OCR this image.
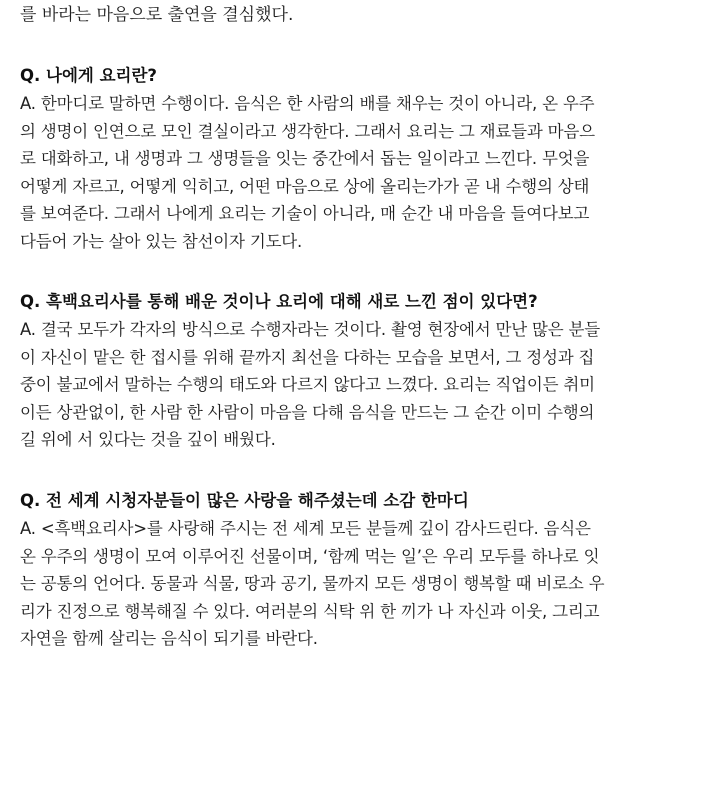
를 바라는 마음으로 출연을 결심했다.

Q. 나에게 요리란?

A. 한마디로 말하면 수행이다. 음식은 한 사람의 배를 채우는 것이 아니라, 온 우주
의 생명이 인연으로 모인 결실이라고 생각한다. 그래서 요리는 그 재료들과 마음으
로 대화하고, 내 생명과 그 생명들을 잇는 중간에서 돕는 일이라고 느낀다. 무엇을
어떻게 자르고, 어떻게 익히고, 어떤 마음으로 상에 올리는가가 곧 내 수행의 상태
를 보여준다. 그래서 나에게 요리는 기술이 아니라, 매 순간 내 마음을 들여다보고
다듬어 가는 살아 있는 참선이자 기도다.

Q. 흑백요리사를 통해 배운 것이나 요리에 대해 새로 느낀 점이 있다면?

A. 결국 모두가 각자의 방식으로 수행자라는 것이다. 촬영 현장에서 만난 많은 분들
이 자신이 맡은 한 접시를 위해 끝까지 최선을 다하는 모습을 보면서, 그 정성과 집
중이 불교에서 말하는 수행의 태도와 다르지 않다고 느꼈다. 요리는 직업이든 취미
이든 상관없이, 한 사람 한 사람이 마음을 다해 음식을 만드는 그 순간 이미 수행의
길 위에 서 있다는 것을 깊이 배웠다.

Q. 전 세계 시청자분들이 많은 사랑을 해주셨는데 소감 한마디

A. <흑백요리사>를 사랑해 주시는 전 세계 모든 분들께 깊이 감사드린다. 음식은
온 우주의 생명이 모여 이루어진 선물이며, ‘함께 먹는 일’은 우리 모두를 하나로 잇
는 공통의 언어다. 동물과 식물, 땅과 공기, 물까지 모든 생명이 행복할 때 비로소 우
리가 진정으로 행복해질 수 있다. 여러분의 식탁 위 한 끼가 나 자신과 이웃, 그리고
자연을 함께 살리는 음식이 되기를 바란다.
